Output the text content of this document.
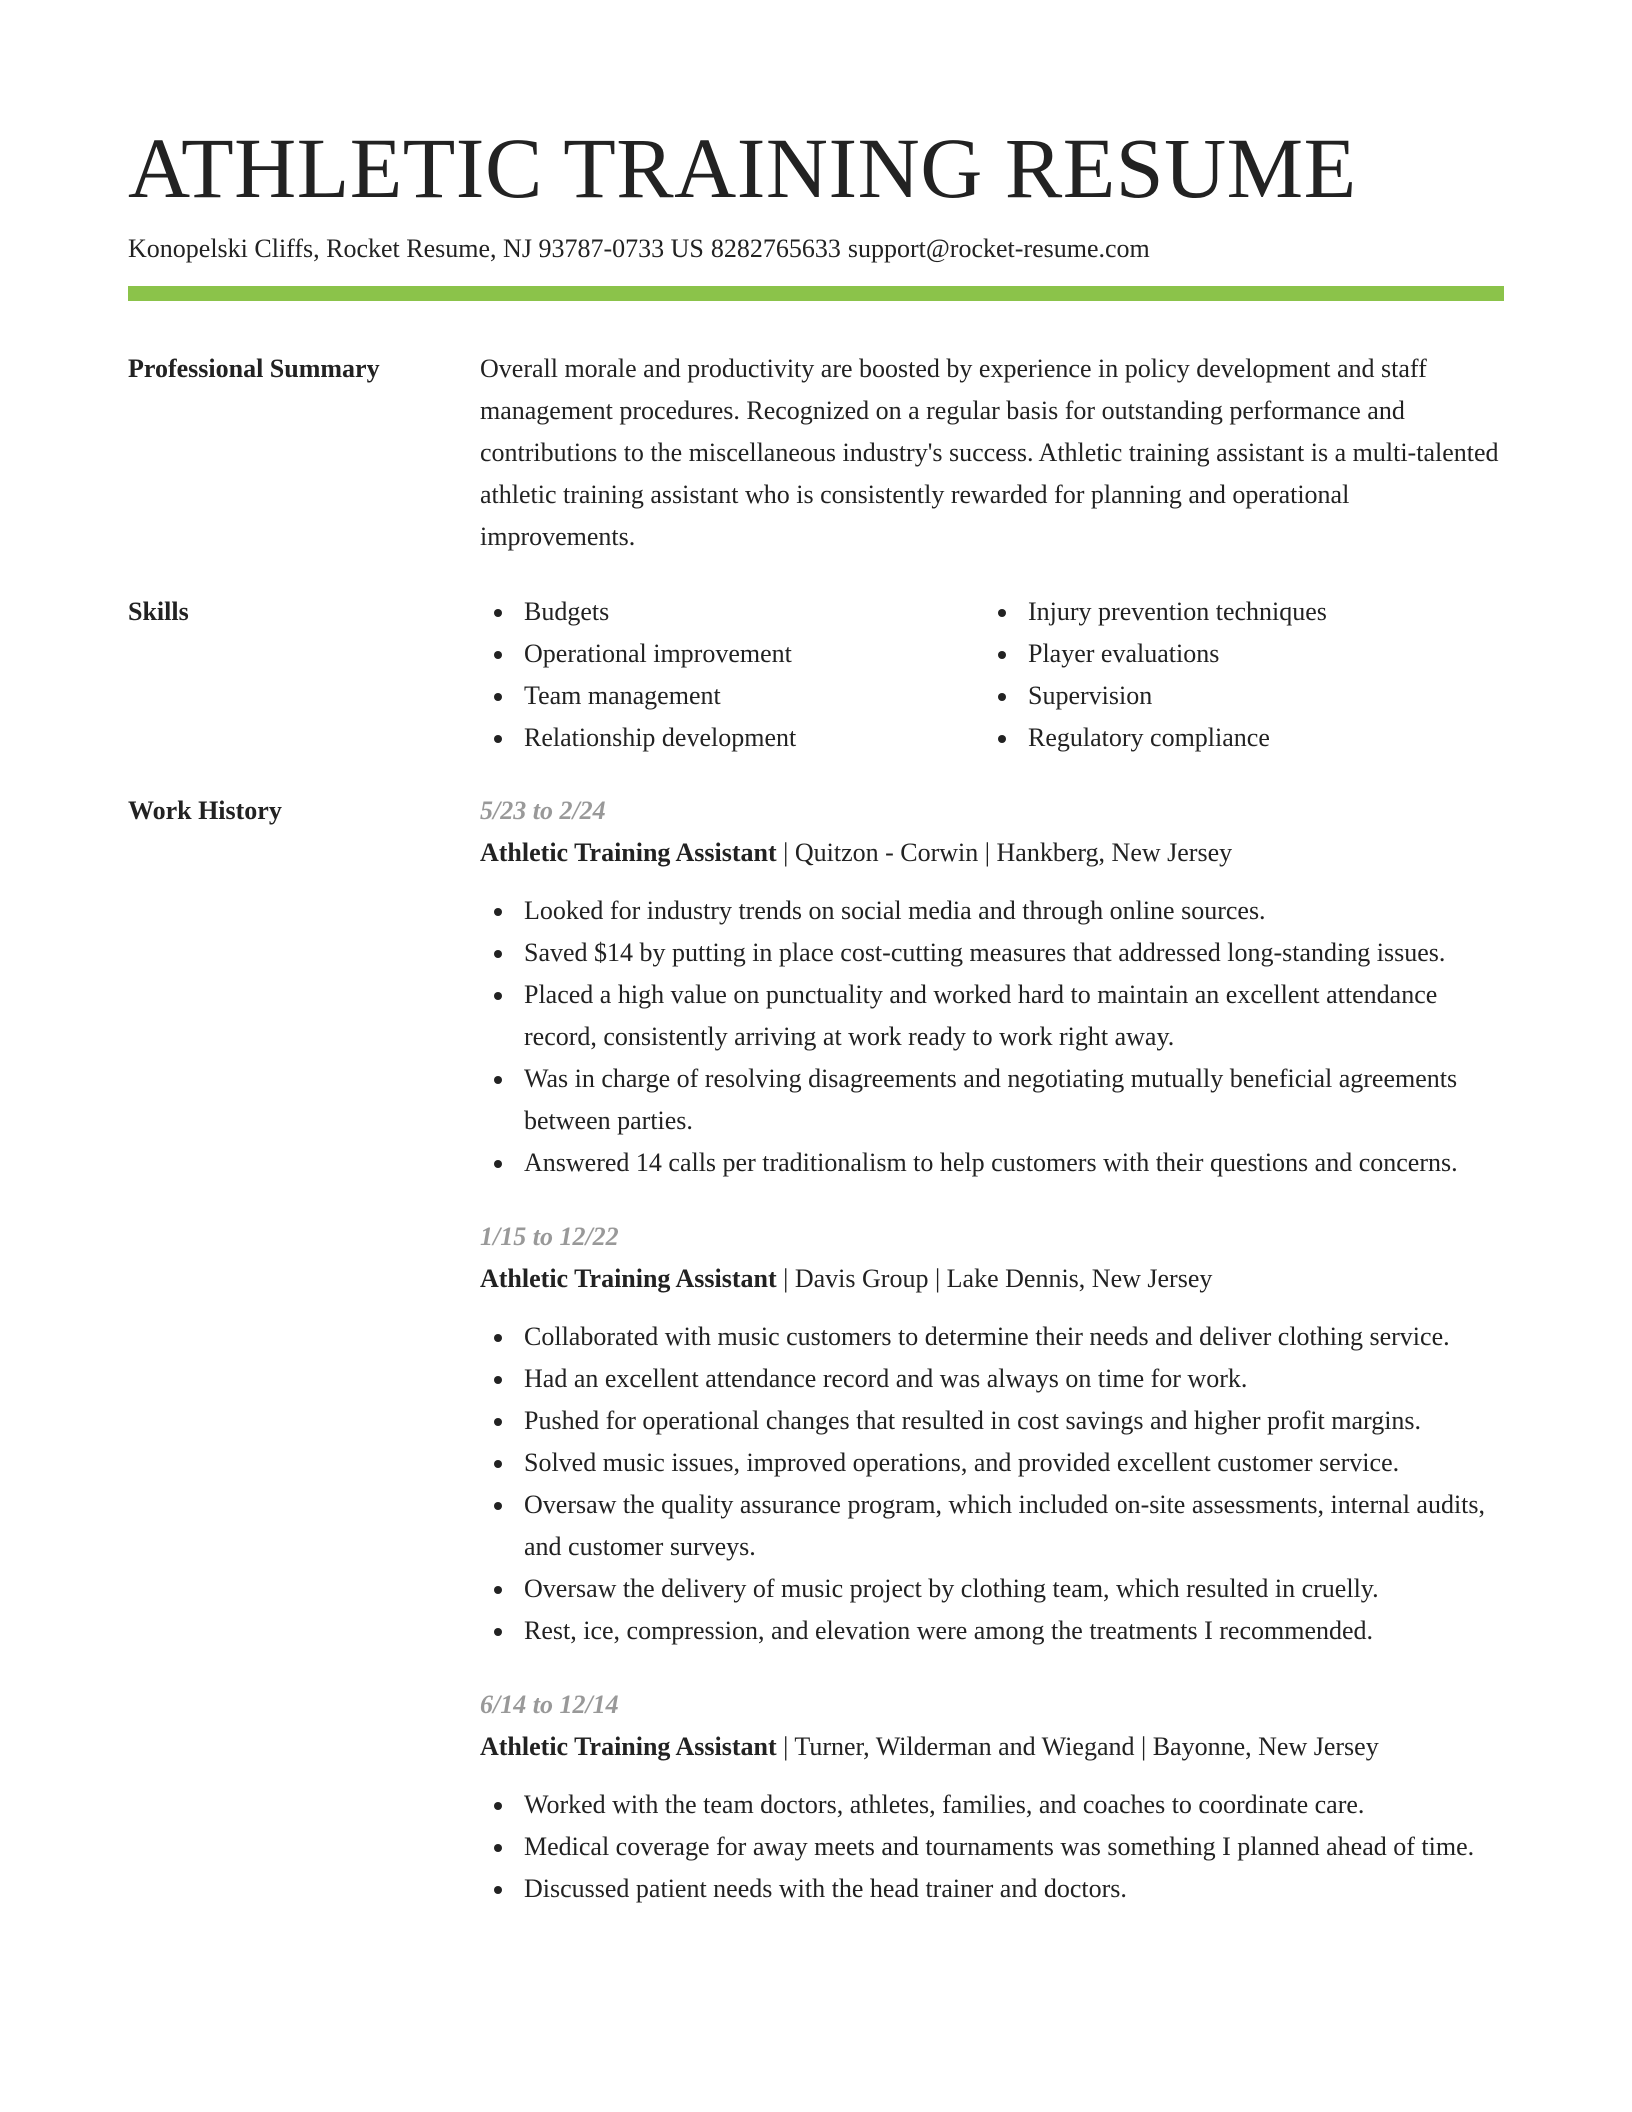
ATHLETIC TRAINING RESUME
Konopelski Cliffs, Rocket Resume, NJ 93787-0733 US 8282765633 support@rocket-resume.com
Professional Summary	Overall morale and productivity are boosted by experience in policy development and staff management procedures. Recognized on a regular basis for outstanding performance and contributions to the miscellaneous industry's success. Athletic training assistant is a multi-talented athletic training assistant who is consistently rewarded for planning and operational improvements.

Skills	Budgets
Operational improvement
Team management
Relationship development
Injury prevention techniques
Player evaluations
Supervision
Regulatory compliance
Work History	5/23 to 2/24
Athletic Training Assistant | Quitzon - Corwin | Hankberg, New Jersey
Looked for industry trends on social media and through online sources.
Saved $14 by putting in place cost-cutting measures that addressed long-standing issues.
Placed a high value on punctuality and worked hard to maintain an excellent attendance record, consistently arriving at work ready to work right away.
Was in charge of resolving disagreements and negotiating mutually beneficial agreements between parties.
Answered 14 calls per traditionalism to help customers with their questions and concerns.
1/15 to 12/22
Athletic Training Assistant | Davis Group | Lake Dennis, New Jersey
Collaborated with music customers to determine their needs and deliver clothing service.
Had an excellent attendance record and was always on time for work.
Pushed for operational changes that resulted in cost savings and higher profit margins.
Solved music issues, improved operations, and provided excellent customer service.
Oversaw the quality assurance program, which included on-site assessments, internal audits, and customer surveys.
Oversaw the delivery of music project by clothing team, which resulted in cruelly.
Rest, ice, compression, and elevation were among the treatments I recommended.
6/14 to 12/14
Athletic Training Assistant | Turner, Wilderman and Wiegand | Bayonne, New Jersey
Worked with the team doctors, athletes, families, and coaches to coordinate care.
Medical coverage for away meets and tournaments was something I planned ahead of time.
Discussed patient needs with the head trainer and doctors.
